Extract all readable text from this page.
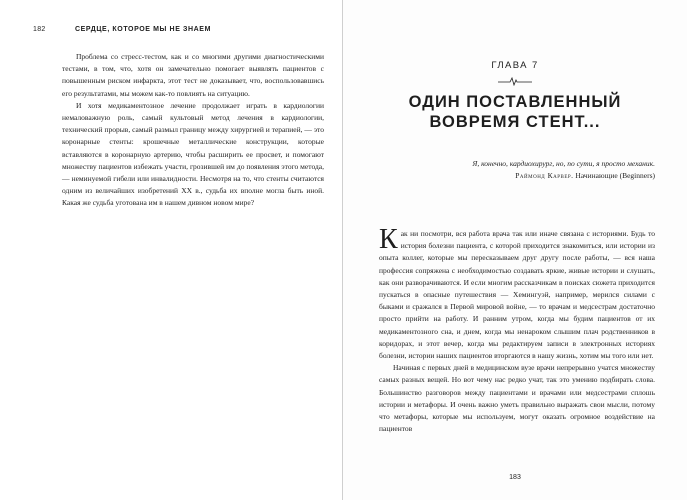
182	СЕРДЦЕ, КОТОРОЕ МЫ НЕ ЗНАЕМ

Проблема со стресс-тестом, как и со многими другими диагностическими тестами, в том, что, хотя он замечательно помогает выявлять пациентов с повышенным риском инфаркта, этот тест не доказывает, что, воспользовавшись его результатами, мы можем как-то повлиять на ситуацию.

И хотя медикаментозное лечение продолжает играть в кардиологии немаловажную роль, самый культовый метод лечения в кардиологии, технический прорыв, самый размыл границу между хирургией и терапией, — это коронарные стенты: крошечные металлические конструкции, которые вставляются в коронарную артерию, чтобы расширить ее просвет, и помогают множеству пациентов избежать участи, грозившей им до появления этого метода, — неминуемой гибели или инвалидности. Несмотря на то, что стенты считаются одним из величайших изобретений XX в., судьба их вполне могла быть иной. Какая же судьба уготована им в нашем дивном новом мире?

ГЛАВА 7
ОДИН ПОСТАВЛЕННЫЙ
ВОВРЕМЯ СТЕНТ...
Я, конечно, кардиохирург, но, по сути, я просто механик.
Раймонд Карвер. Начинающие (Beginners)

Как ни посмотри, вся работа врача так или иначе связана с историями. Будь то история болезни пациента, с которой приходится знакомиться, или истории из опыта коллег, которые мы пересказываем друг другу после работы, — вся наша профессия сопряжена с необходимостью создавать яркие, живые истории и слушать, как они разворачиваются. И если многим рассказчикам в поисках сюжета приходится пускаться в опасные путешествия — Хемингуэй, например, мерился силами с быками и сражался в Первой мировой войне, — то врачам и медсестрам достаточно просто прийти на работу. И ранним утром, когда мы будим пациентов от их медикаментозного сна, и днем, когда мы ненароком слышим плач родственников в коридорах, и этот вечер, когда мы редактируем записи в электронных историях болезни, истории наших пациентов вторгаются в нашу жизнь, хотим мы того или нет.

Начиная с первых дней в медицинском вузе врачи непрерывно учатся множеству самых разных вещей. Но вот чему нас редко учат, так это умению подбирать слова. Большинство разговоров между пациентами и врачами или медсестрами сплошь истории и метафоры. И очень важно уметь правильно выражать свои мысли, потому что метафоры, которые мы используем, могут оказать огромное воздействие на пациентов

183
